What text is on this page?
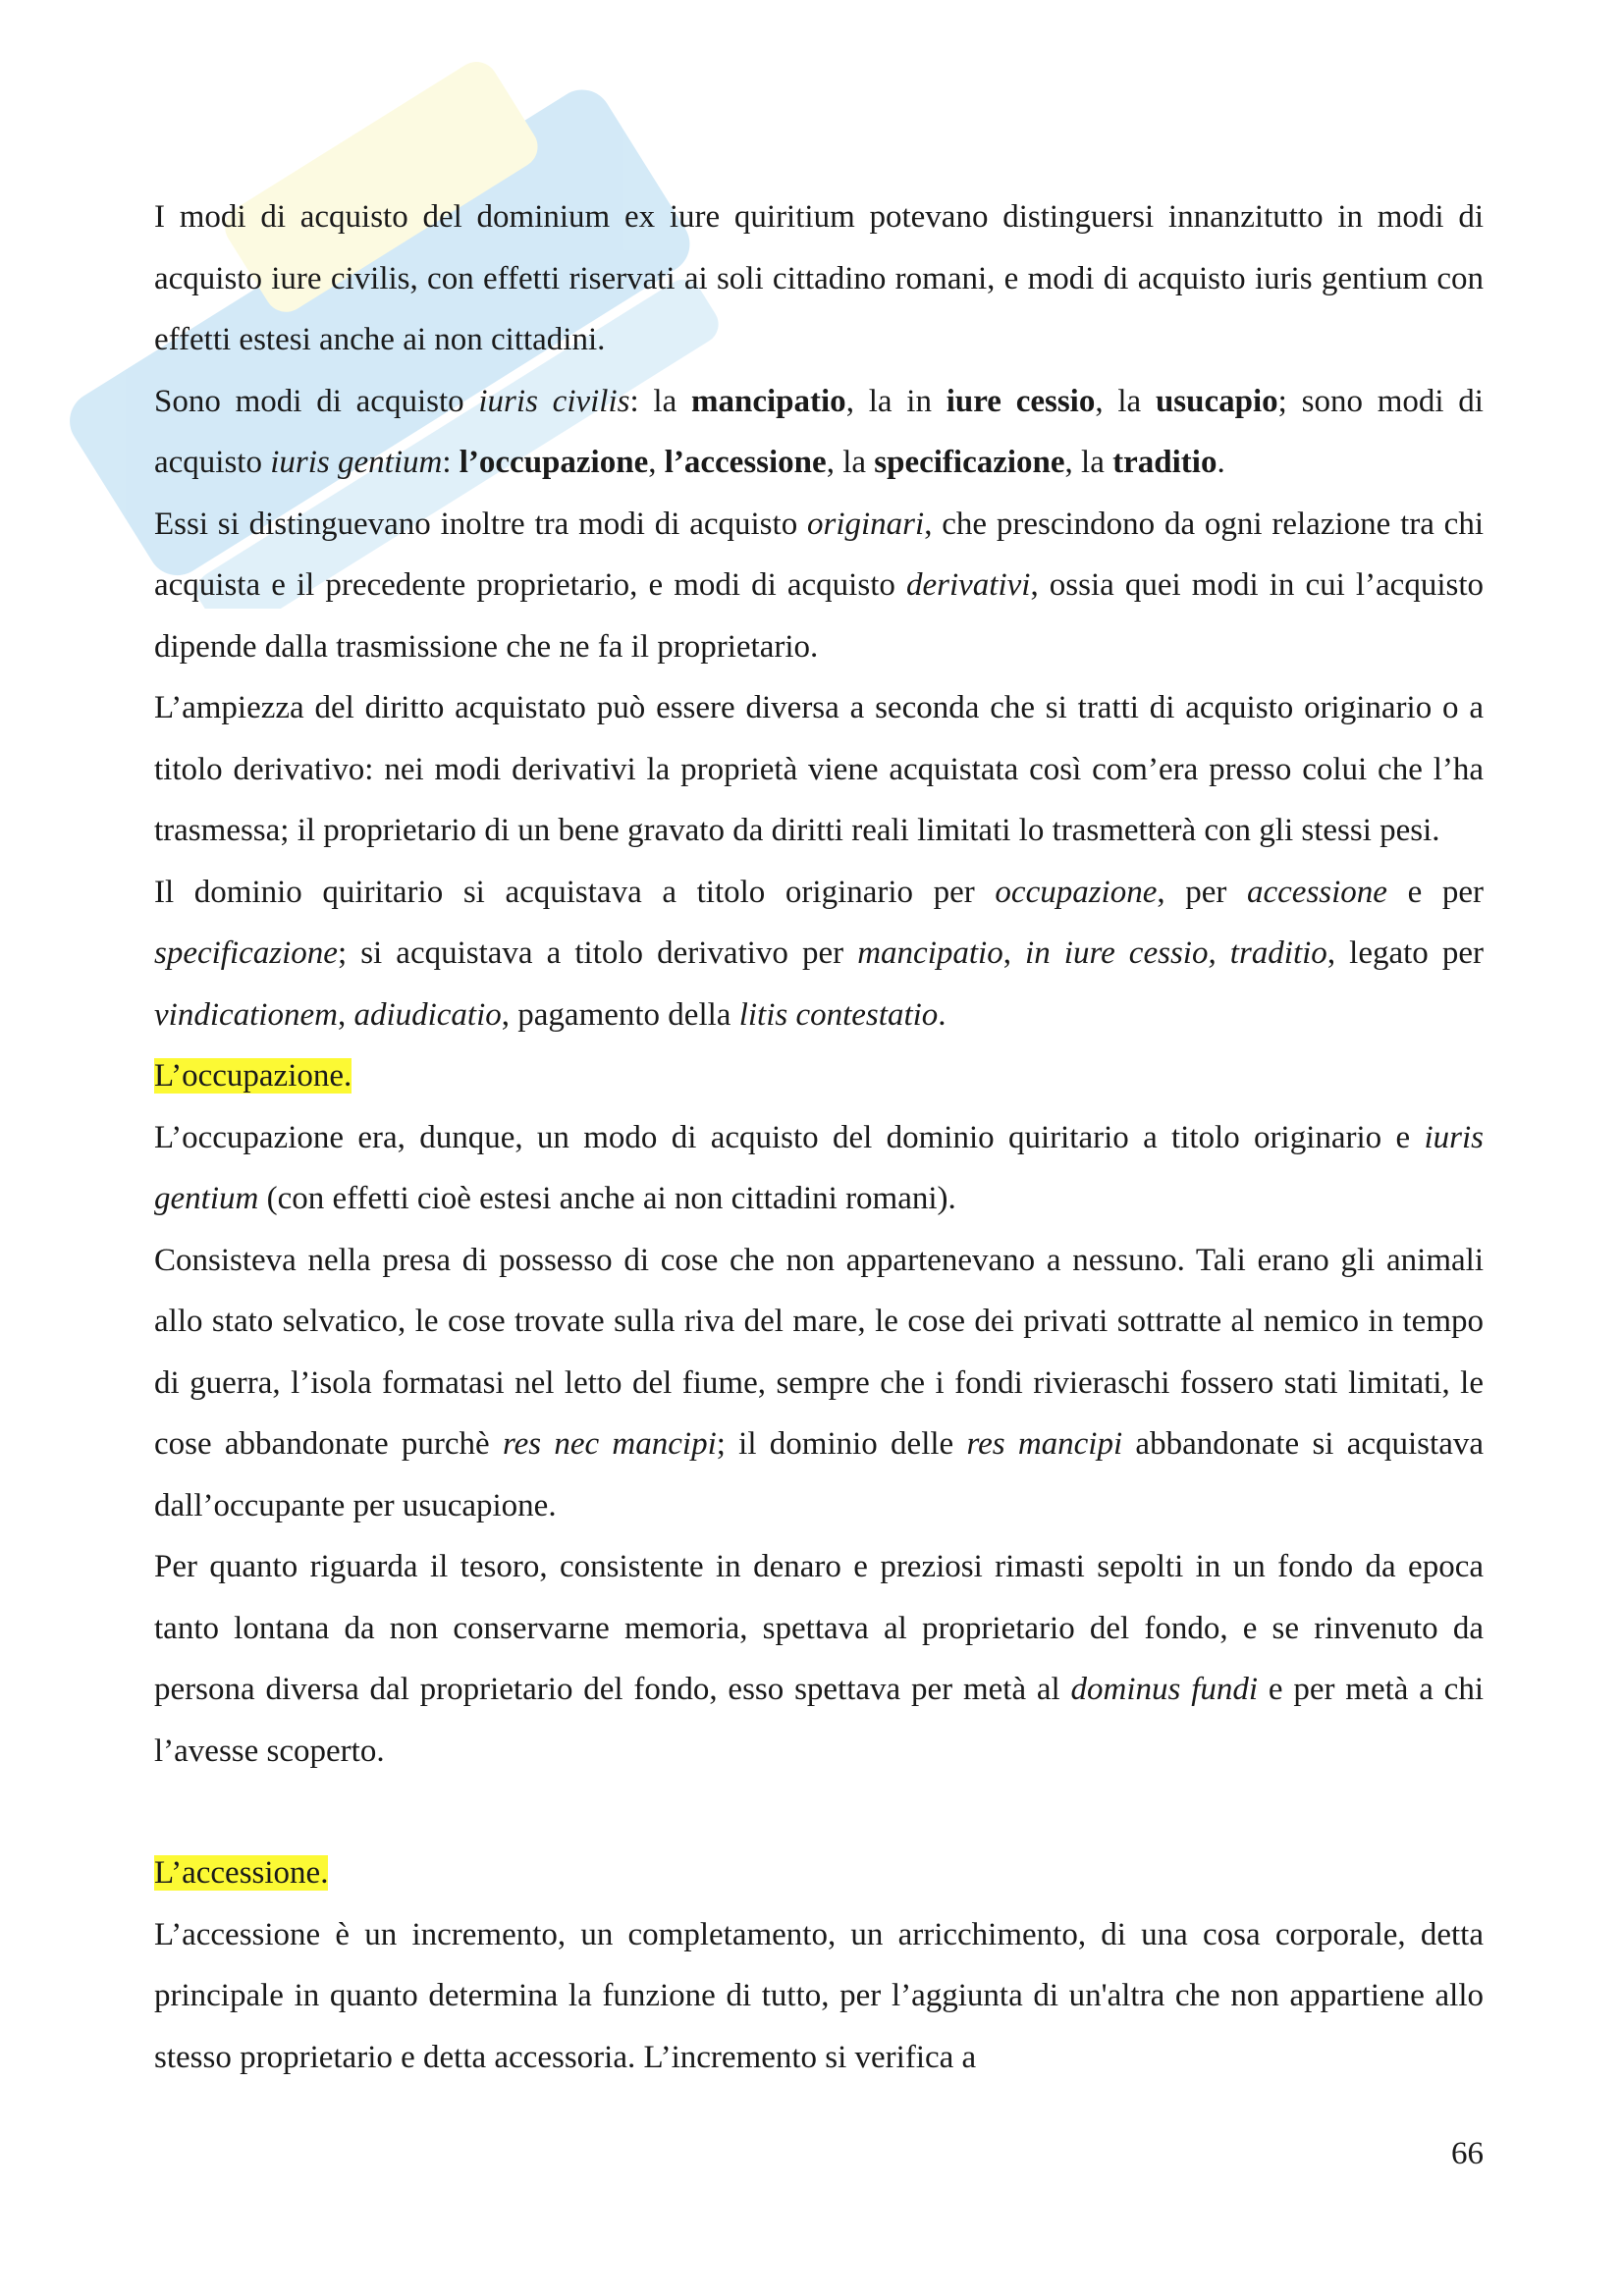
I modi di acquisto del dominium ex iure quiritium potevano distinguersi innanzitutto in modi di acquisto iure civilis, con effetti riservati ai soli cittadino romani, e modi di acquisto iuris gentium con effetti estesi anche ai non cittadini.

Sono modi di acquisto iuris civilis: la mancipatio, la in iure cessio, la usucapio; sono modi di acquisto iuris gentium: l’occupazione, l’accessione, la specificazione, la traditio.

Essi si distinguevano inoltre tra modi di acquisto originari, che prescindono da ogni relazione tra chi acquista e il precedente proprietario, e modi di acquisto derivativi, ossia quei modi in cui l’acquisto dipende dalla trasmissione che ne fa il proprietario.

L’ampiezza del diritto acquistato può essere diversa a seconda che si tratti di acquisto originario o a titolo derivativo: nei modi derivativi la proprietà viene acquistata così com’era presso colui che l’ha trasmessa; il proprietario di un bene gravato da diritti reali limitati lo trasmetterà con gli stessi pesi.

Il dominio quiritario si acquistava a titolo originario per occupazione, per accessione e per specificazione; si acquistava a titolo derivativo per mancipatio, in iure cessio, traditio, legato per vindicationem, adiudicatio, pagamento della litis contestatio.

L’occupazione.

L’occupazione era, dunque, un modo di acquisto del dominio quiritario a titolo originario e iuris gentium (con effetti cioè estesi anche ai non cittadini romani).

Consisteva nella presa di possesso di cose che non appartenevano a nessuno. Tali erano gli animali allo stato selvatico, le cose trovate sulla riva del mare, le cose dei privati sottratte al nemico in tempo di guerra, l’isola formatasi nel letto del fiume, sempre che i fondi rivieraschi fossero stati limitati, le cose abbandonate purchè res nec mancipi; il dominio delle res mancipi abbandonate si acquistava dall’occupante per usucapione.

Per quanto riguarda il tesoro, consistente in denaro e preziosi rimasti sepolti in un fondo da epoca tanto lontana da non conservarne memoria, spettava al proprietario del fondo, e se rinvenuto da persona diversa dal proprietario del fondo, esso spettava per metà al dominus fundi e per metà a chi l’avesse scoperto.

L’accessione.

L’accessione è un incremento, un completamento, un arricchimento, di una cosa corporale, detta principale in quanto determina la funzione di tutto, per l’aggiunta di un'altra che non appartiene allo stesso proprietario e detta accessoria. L’incremento si verifica a

66
